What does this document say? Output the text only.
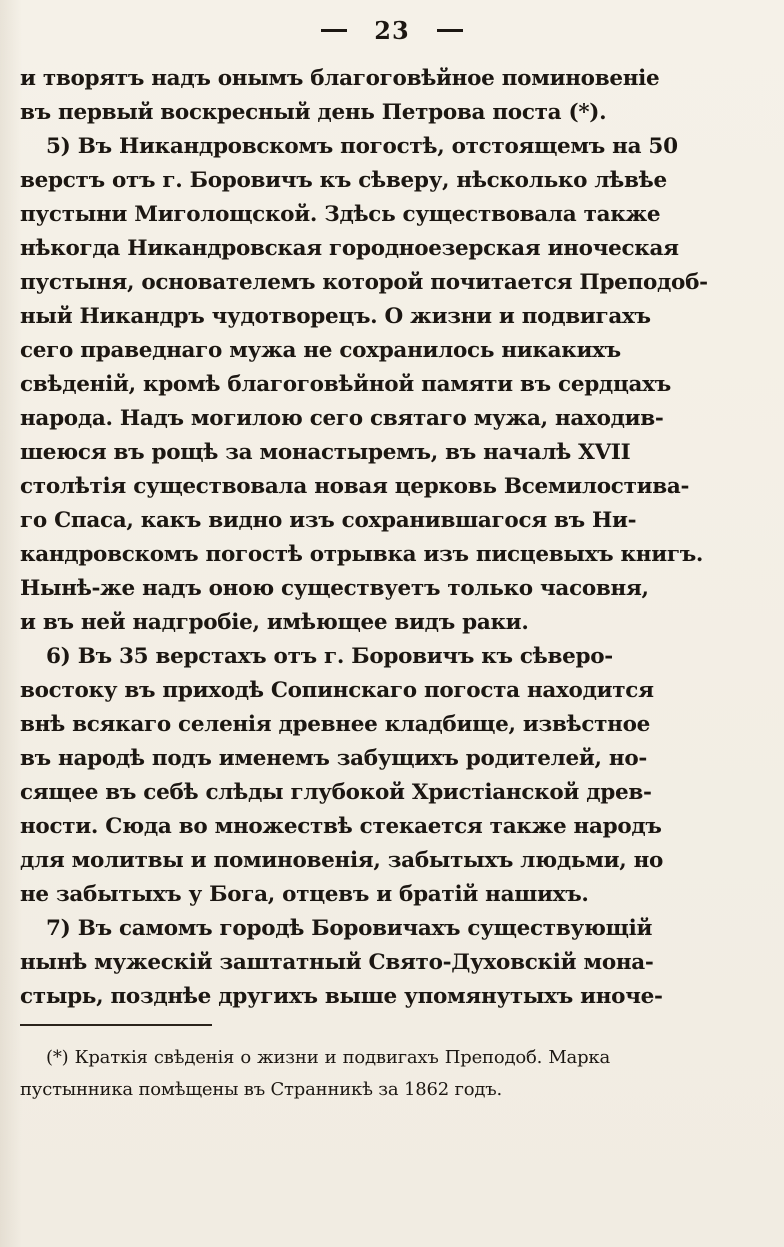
23
и творятъ надъ онымъ благоговѣйное поминовеніе
въ первый воскресный день Петрова поста (*).
5) Въ Никандровскомъ погостѣ, отстоящемъ на 50
верстъ отъ г. Боровичъ къ сѣверу, нѣсколько лѣвѣе
пустыни Миголощской. Здѣсь существовала также
нѣкогда Никандровская городноезерская иноческая
пустыня, основателемъ которой почитается Преподоб-
ный Никандръ чудотворецъ. О жизни и подвигахъ
сего праведнаго мужа не сохранилось никакихъ
свѣденій, кромѣ благоговѣйной памяти въ сердцахъ
народа. Надъ могилою сего святаго мужа, находив-
шеюся въ рощѣ за монастыремъ, въ началѣ XVII
столѣтія существовала новая церковь Всемилостива-
го Спаса, какъ видно изъ сохранившагося въ Ни-
кандровскомъ погостѣ отрывка изъ писцевыхъ книгъ.
Нынѣ-же надъ оною существуетъ только часовня,
и въ ней надгробіе, имѣющее видъ раки.
6) Въ 35 верстахъ отъ г. Боровичъ къ сѣверо-
востоку въ приходѣ Сопинскаго погоста находится
внѣ всякаго селенія древнее кладбище, извѣстное
въ народѣ подъ именемъ забущихъ родителей, но-
сящее въ себѣ слѣды глубокой Христіанской древ-
ности. Сюда во множествѣ стекается также народъ
для молитвы и поминовенія, забытыхъ людьми, но
не забытыхъ у Бога, отцевъ и братій нашихъ.
7) Въ самомъ городѣ Боровичахъ существующій
нынѣ мужескій заштатный Свято-Духовскій мона-
стырь, позднѣе другихъ выше упомянутыхъ иноче-
(*) Краткія свѣденія о жизни и подвигахъ Преподоб. Марка
пустынника помѣщены въ Странникѣ за 1862 годъ.
